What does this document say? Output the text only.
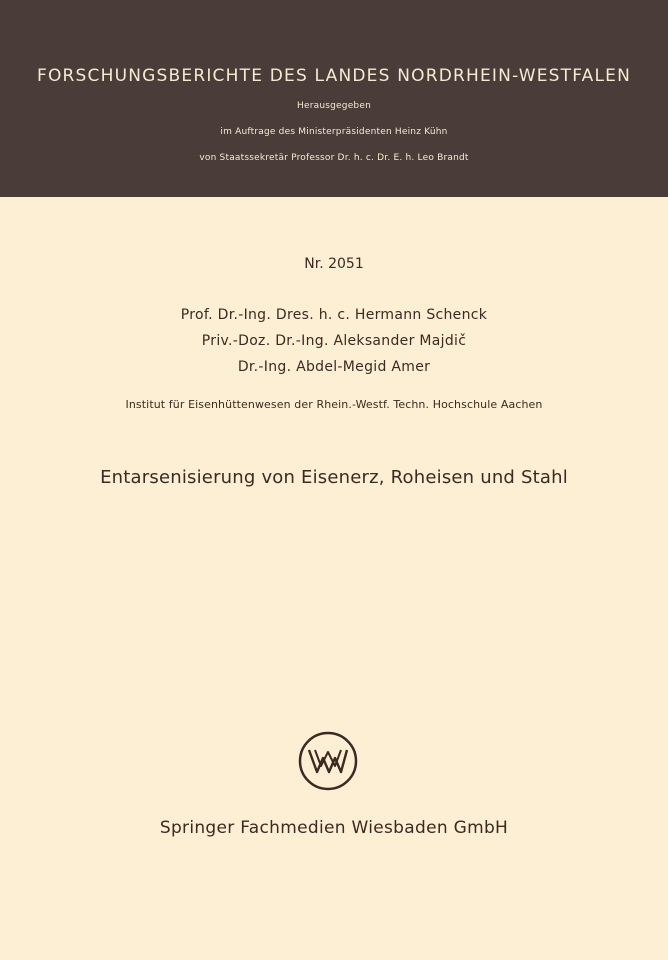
FORSCHUNGSBERICHTE DES LANDES NORDRHEIN-WESTFALEN
Herausgegeben
im Auftrage des Ministerpräsidenten Heinz Kühn
von Staatssekretär Professor Dr. h. c. Dr. E. h. Leo Brandt
Nr. 2051
Prof. Dr.-Ing. Dres. h. c. Hermann Schenck
Priv.-Doz. Dr.-Ing. Aleksander Majdič
Dr.-Ing. Abdel-Megid Amer
Institut für Eisenhüttenwesen der Rhein.-Westf. Techn. Hochschule Aachen
Entarsenisierung von Eisenerz, Roheisen und Stahl
Springer Fachmedien Wiesbaden GmbH
